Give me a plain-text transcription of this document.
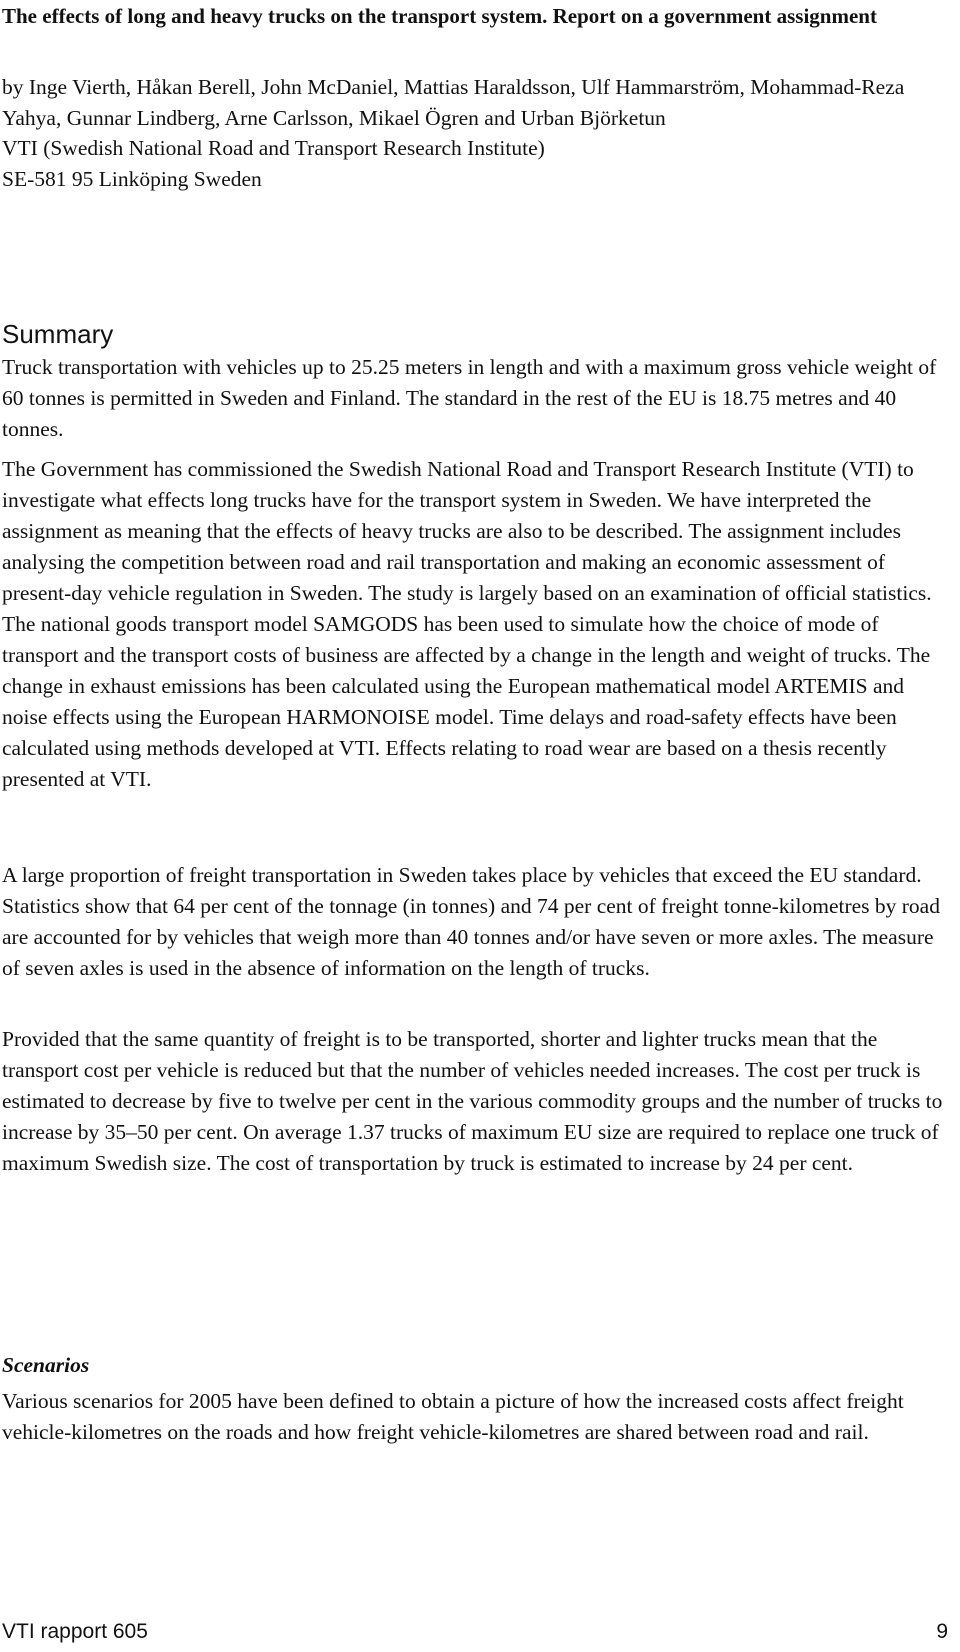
The effects of long and heavy trucks on the transport system. Report on a government assignment
by Inge Vierth, Håkan Berell, John McDaniel, Mattias Haraldsson, Ulf Hammarström, Mohammad-Reza Yahya, Gunnar Lindberg, Arne Carlsson, Mikael Ögren and Urban Björketun
VTI (Swedish National Road and Transport Research Institute)
SE-581 95 Linköping Sweden
Summary

Truck transportation with vehicles up to 25.25 meters in length and with a maximum gross vehicle weight of 60 tonnes is permitted in Sweden and Finland. The standard in the rest of the EU is 18.75 metres and 40 tonnes.

The Government has commissioned the Swedish National Road and Transport Research Institute (VTI) to investigate what effects long trucks have for the transport system in Sweden. We have interpreted the assignment as meaning that the effects of heavy trucks are also to be described. The assignment includes analysing the competition between road and rail transportation and making an economic assessment of present-day vehicle regulation in Sweden. The study is largely based on an examination of official statistics. The national goods transport model SAMGODS has been used to simulate how the choice of mode of transport and the transport costs of business are affected by a change in the length and weight of trucks. The change in exhaust emissions has been calculated using the European mathematical model ARTEMIS and noise effects using the European HARMONOISE model. Time delays and road-safety effects have been calculated using methods developed at VTI. Effects relating to road wear are based on a thesis recently presented at VTI.

A large proportion of freight transportation in Sweden takes place by vehicles that exceed the EU standard. Statistics show that 64 per cent of the tonnage (in tonnes) and 74 per cent of freight tonne-kilometres by road are accounted for by vehicles that weigh more than 40 tonnes and/or have seven or more axles. The measure of seven axles is used in the absence of information on the length of trucks.

Provided that the same quantity of freight is to be transported, shorter and lighter trucks mean that the transport cost per vehicle is reduced but that the number of vehicles needed increases. The cost per truck is estimated to decrease by five to twelve per cent in the various commodity groups and the number of trucks to increase by 35–50 per cent. On average 1.37 trucks of maximum EU size are required to replace one truck of maximum Swedish size. The cost of transportation by truck is estimated to increase by 24 per cent.

Scenarios

Various scenarios for 2005 have been defined to obtain a picture of how the increased costs affect freight vehicle-kilometres on the roads and how freight vehicle-kilometres are shared between road and rail.

VTI rapport 605	9
